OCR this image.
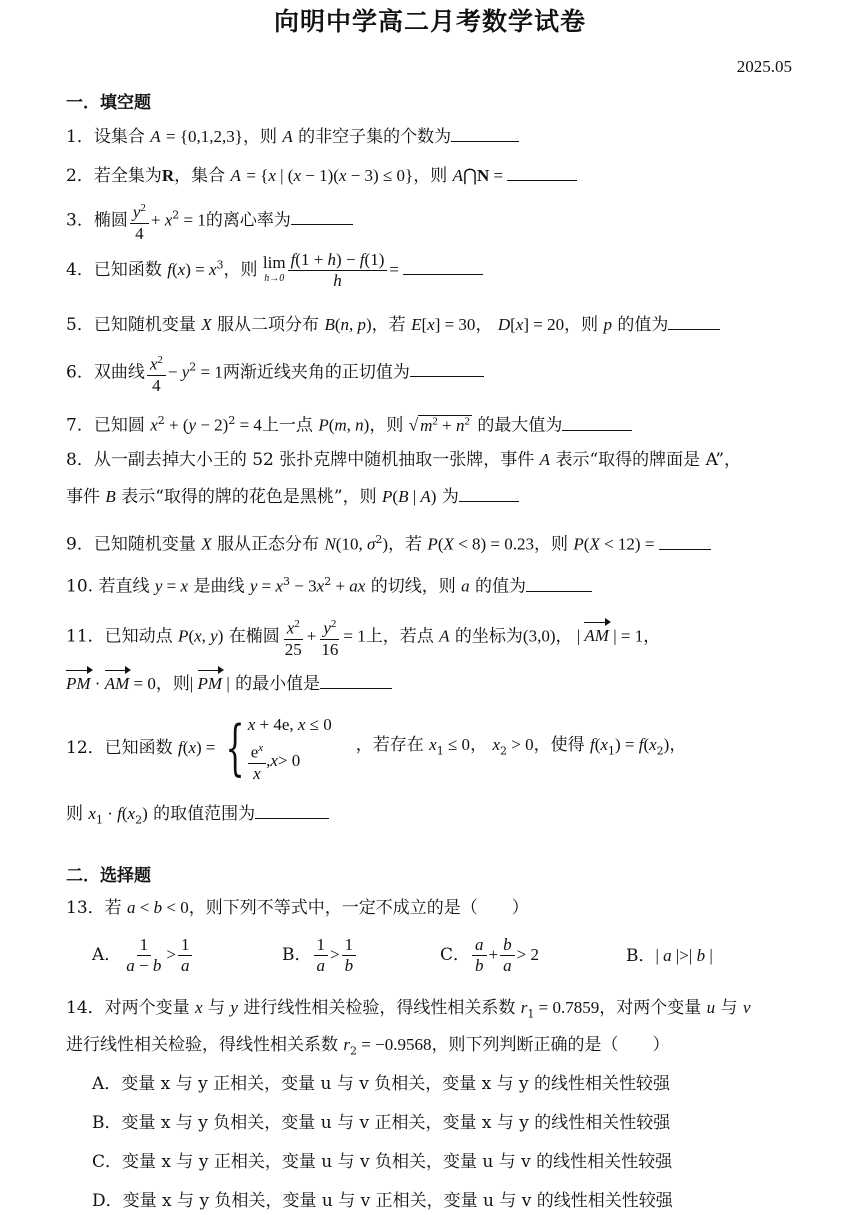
向明中学高二月考数学试卷
2025.05
一．填空题
1．设集合 A = {0,1,2,3}，则 A 的非空子集的个数为
2．若全集为R，集合 A = {x | (x − 1)(x − 3) ≤ 0}，则 A⋂N =
3．椭圆 $\frac{y^2}{4} + x^2 = 1$的离心率为
4．已知函数 $f(x) = x^3$，则 lim
$h\to 0 \frac{f(1 + h) - f(1)}{h}$ =
5．已知随机变量 X 服从二项分布 B(n, p)，若 E[x] = 30， D[x] = 20，则 p 的值为
6．双曲线 $\frac{x^2}{4} - y^2 = 1$两渐近线夹角的正切值为
7．已知圆 $x^2 + (y - 2)^2 = 4$上一点 P(m, n)，则 √ $m^2 + n^2$ 的最大值为
8．从一副去掉大小王的 52 张扑克牌中随机抽取一张牌，事件 A 表示“取得的牌面是 A”，
事件 B 表示“取得的牌的花色是黑桃”，则 P(B | A) 为
9．已知随机变量 X 服从正态分布 N(10, $\sigma^2$)，若 P(X < 8) = 0.23，则 P(X < 12) =
10. 若直线 y = x 是曲线 $y = x^3 - 3x^2$ + ax 的切线，则 a 的值为
11．已知动点 P(x, y) 在椭圆 $\frac{x^2}{25} + \frac{y^2}{16} = 1$上，若点 A 的坐标为(3,0)， | AM | = 1，
PM · AM = 0，则| PM | 的最小值是
12．已知函数 f(x) ={ x + 4e, x ≤ 0
$\frac{e^x}{x}$ , x > 0
，若存在 $x_1 \le 0$， $x_2 > 0$，使得 $f(x_1) = f(x_2)$，
则 $x_1 \cdot f(x_2)$ 的取值范围为
二．选择题
13．若 a < b < 0，则下列不等式中，一定不成立的是（　　）
A． $\frac{1}{a - b} > \frac{1}{a}$	B． $\frac{1}{a} > \frac{1}{b}$	C． $\frac{a}{b} + \frac{b}{a} > 2$	B．| a |>| b |
14．对两个变量 x 与 y 进行线性相关检验，得线性相关系数 $r_1 = 0.7859$，对两个变量 u 与 v
进行线性相关检验，得线性相关系数 $r_2 = -0.9568$，则下列判断正确的是（　　）
A．变量 x 与 y 正相关，变量 u 与 v 负相关，变量 x 与 y 的线性相关性较强
B．变量 x 与 y 负相关，变量 u 与 v 正相关，变量 x 与 y 的线性相关性较强
C．变量 x 与 y 正相关，变量 u 与 v 负相关，变量 u 与 v 的线性相关性较强
D．变量 x 与 y 负相关，变量 u 与 v 正相关，变量 u 与 v 的线性相关性较强
